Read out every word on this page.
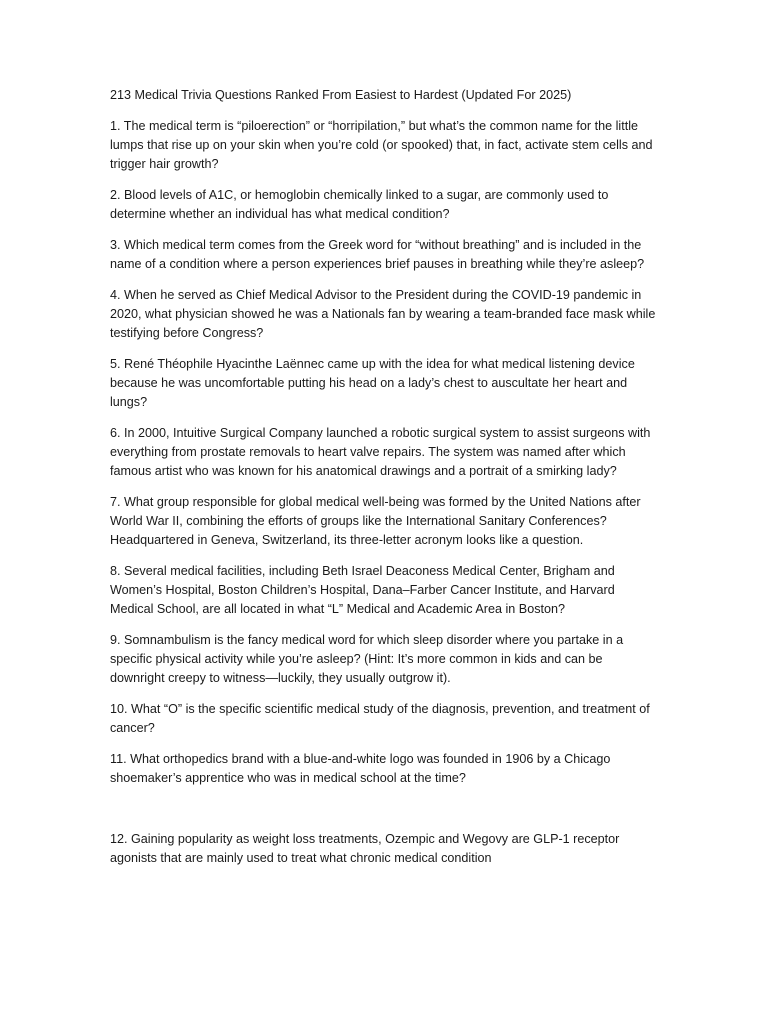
213 Medical Trivia Questions Ranked From Easiest to Hardest (Updated For 2025)

1. The medical term is “piloerection” or “horripilation,” but what’s the common name for the little lumps that rise up on your skin when you’re cold (or spooked) that, in fact, activate stem cells and trigger hair growth?

2. Blood levels of A1C, or hemoglobin chemically linked to a sugar, are commonly used to determine whether an individual has what medical condition?

3. Which medical term comes from the Greek word for “without breathing” and is included in the name of a condition where a person experiences brief pauses in breathing while they’re asleep?

4. When he served as Chief Medical Advisor to the President during the COVID-19 pandemic in 2020, what physician showed he was a Nationals fan by wearing a team-branded face mask while testifying before Congress?

5. René Théophile Hyacinthe Laënnec came up with the idea for what medical listening device because he was uncomfortable putting his head on a lady’s chest to auscultate her heart and lungs?

6. In 2000, Intuitive Surgical Company launched a robotic surgical system to assist surgeons with everything from prostate removals to heart valve repairs. The system was named after which famous artist who was known for his anatomical drawings and a portrait of a smirking lady?

7. What group responsible for global medical well-being was formed by the United Nations after World War II, combining the efforts of groups like the International Sanitary Conferences? Headquartered in Geneva, Switzerland, its three-letter acronym looks like a question.

8. Several medical facilities, including Beth Israel Deaconess Medical Center, Brigham and Women’s Hospital, Boston Children’s Hospital, Dana–Farber Cancer Institute, and Harvard Medical School, are all located in what “L” Medical and Academic Area in Boston?

9. Somnambulism is the fancy medical word for which sleep disorder where you partake in a specific physical activity while you’re asleep? (Hint: It’s more common in kids and can be downright creepy to witness—luckily, they usually outgrow it).

10. What “O” is the specific scientific medical study of the diagnosis, prevention, and treatment of cancer?

11. What orthopedics brand with a blue-and-white logo was founded in 1906 by a Chicago shoemaker’s apprentice who was in medical school at the time?

12. Gaining popularity as weight loss treatments, Ozempic and Wegovy are GLP-1 receptor agonists that are mainly used to treat what chronic medical condition
